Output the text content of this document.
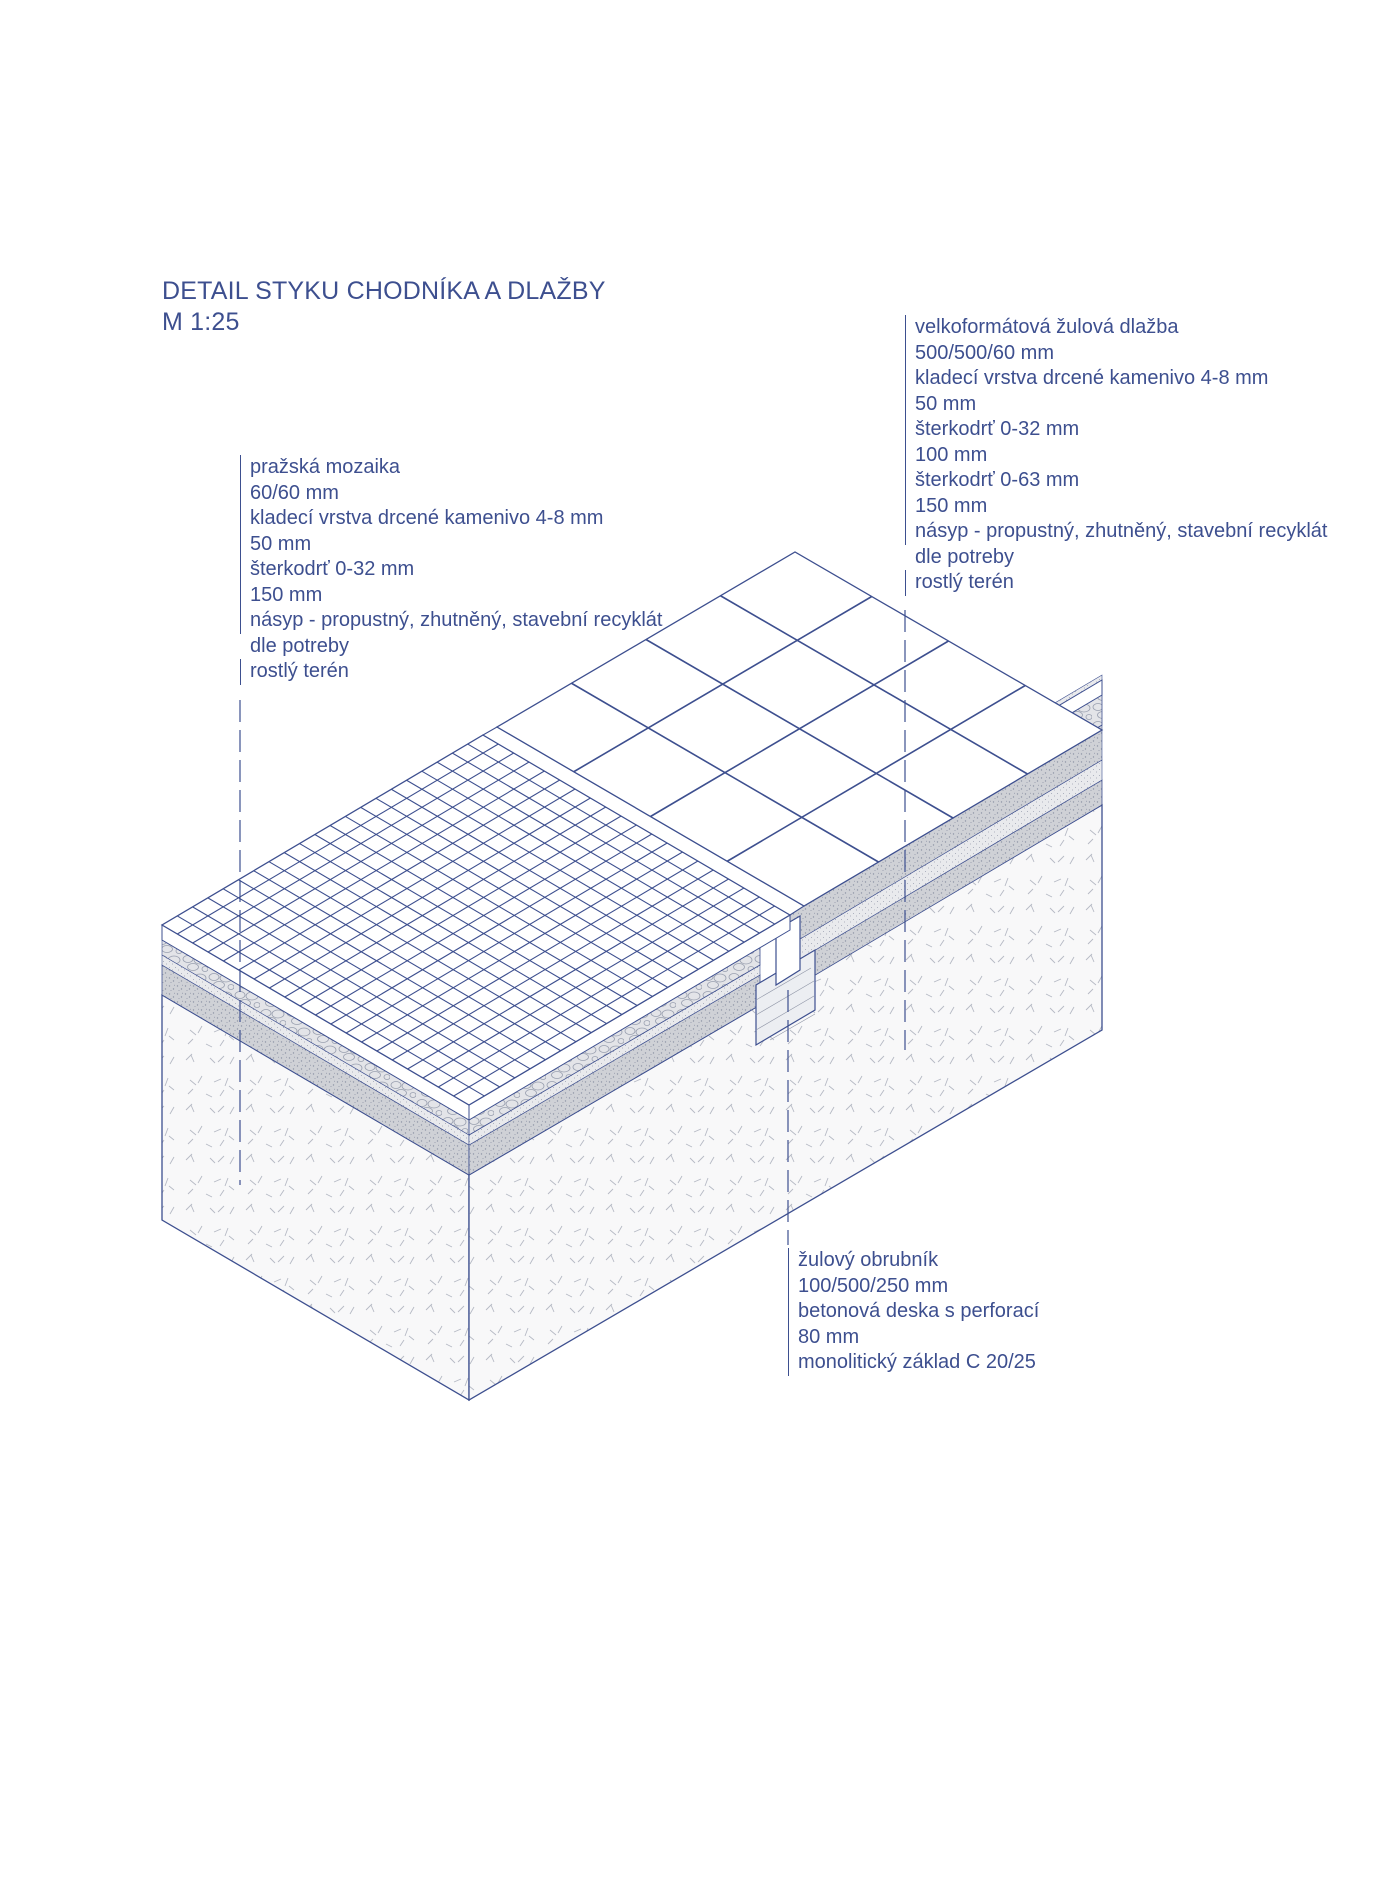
DETAIL STYKU CHODNÍKA A DLAŽBY
M 1:25
pražská mozaika
60/60 mm
kladecí vrstva drcené kamenivo 4-8 mm
50 mm
šterkodrť 0-32 mm
150 mm
násyp - propustný, zhutněný, stavební recyklát
dle potreby
rostlý terén
velkoformátová žulová dlažba
500/500/60 mm
kladecí vrstva drcené kamenivo 4-8 mm
50 mm
šterkodrť 0-32 mm
100 mm
šterkodrť 0-63 mm
150 mm
násyp - propustný, zhutněný, stavební recyklát
dle potreby
rostlý terén
žulový obrubník
100/500/250 mm
betonová deska s perforací
80 mm
monolitický základ C 20/25
